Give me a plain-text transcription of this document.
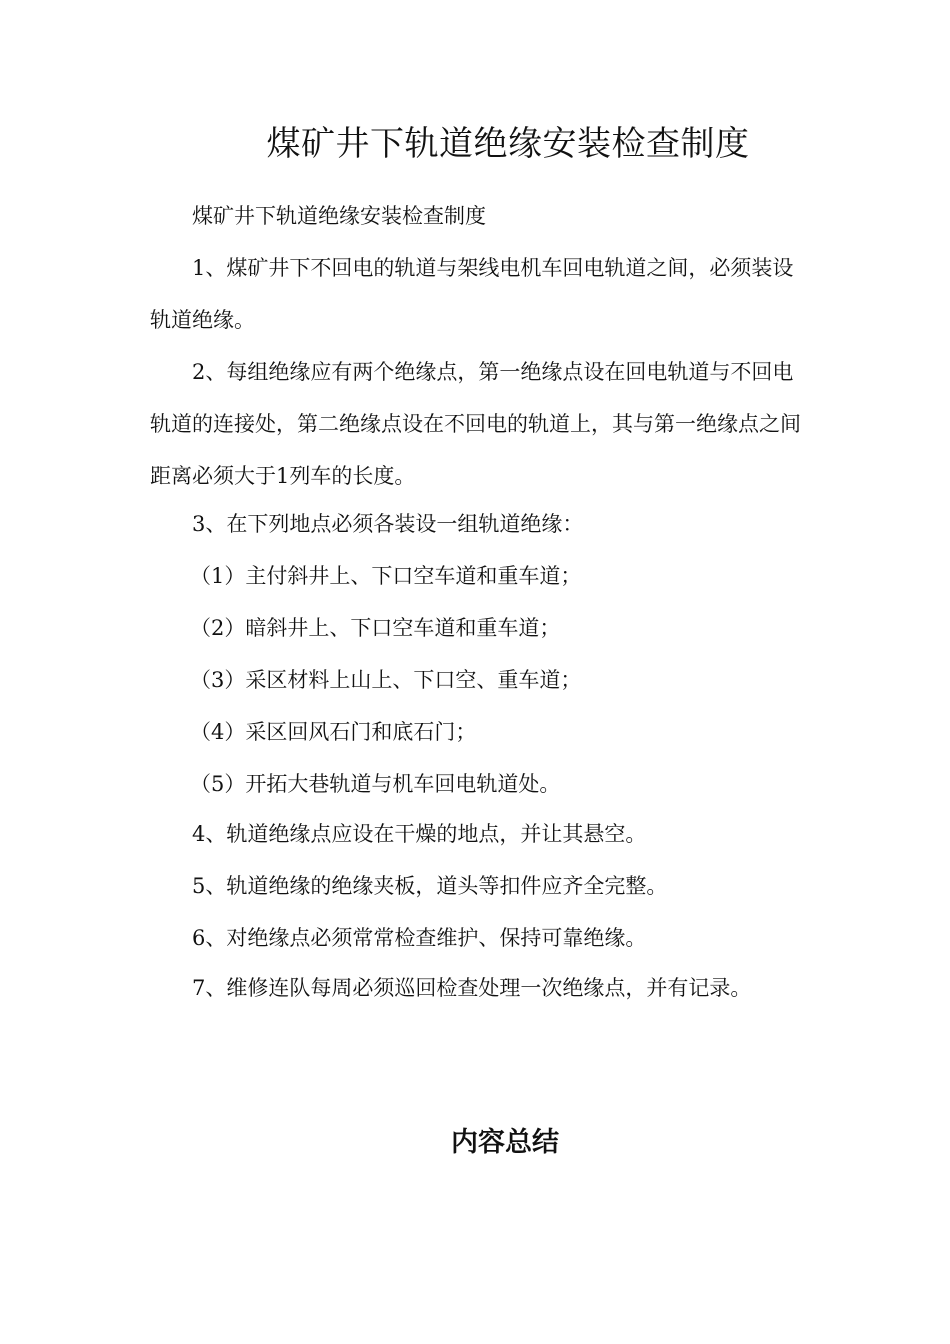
煤矿井下轨道绝缘安装检查制度

煤矿井下轨道绝缘安装检查制度

1、煤矿井下不回电的轨道与架线电机车回电轨道之间，必须装设轨道绝缘。

2、每组绝缘应有两个绝缘点，第一绝缘点设在回电轨道与不回电轨道的连接处，第二绝缘点设在不回电的轨道上，其与第一绝缘点之间距离必须大于1列车的长度。

3、在下列地点必须各装设一组轨道绝缘：

（1）主付斜井上、下口空车道和重车道；

（2）暗斜井上、下口空车道和重车道；

（3）采区材料上山上、下口空、重车道；

（4）采区回风石门和底石门；

（5）开拓大巷轨道与机车回电轨道处。

4、轨道绝缘点应设在干燥的地点，并让其悬空。

5、轨道绝缘的绝缘夹板，道头等扣件应齐全完整。

6、对绝缘点必须常常检查维护、保持可靠绝缘。

7、维修连队每周必须巡回检查处理一次绝缘点，并有记录。

内容总结
